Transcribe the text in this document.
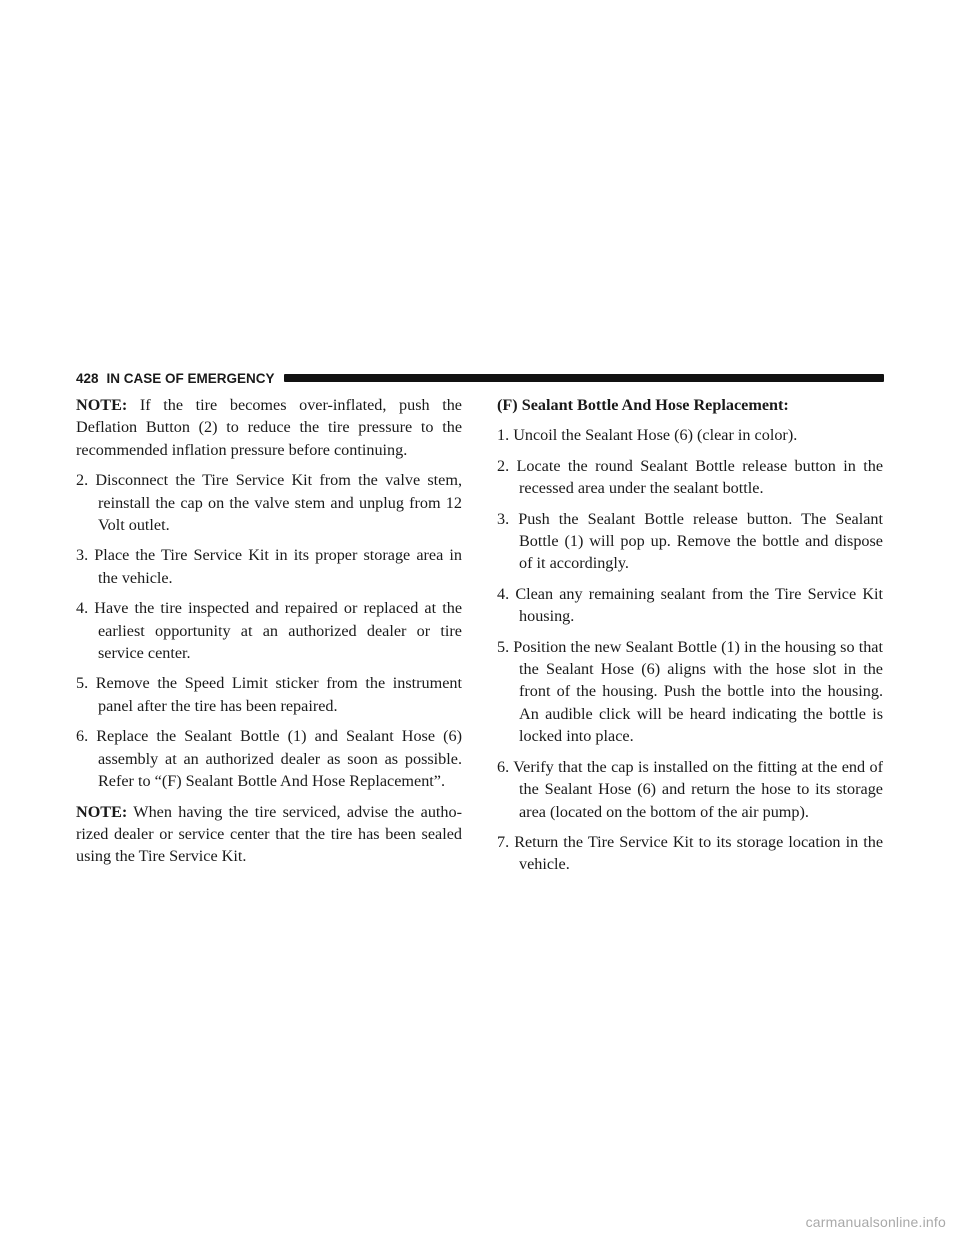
428 IN CASE OF EMERGENCY

NOTE: If the tire becomes over-inflated, push the Deflation Button (2) to reduce the tire pressure to the recommended inflation pressure before continuing.

2. Disconnect the Tire Service Kit from the valve stem, reinstall the cap on the valve stem and unplug from 12 Volt outlet.

3. Place the Tire Service Kit in its proper storage area in the vehicle.

4. Have the tire inspected and repaired or replaced at the earliest opportunity at an authorized dealer or tire service center.

5. Remove the Speed Limit sticker from the instrument panel after the tire has been repaired.

6. Replace the Sealant Bottle (1) and Sealant Hose (6) assembly at an authorized dealer as soon as possible. Refer to “(F) Sealant Bottle And Hose Replacement”.

NOTE: When having the tire serviced, advise the autho-rized dealer or service center that the tire has been sealed using the Tire Service Kit.

(F) Sealant Bottle And Hose Replacement:

1. Uncoil the Sealant Hose (6) (clear in color).

2. Locate the round Sealant Bottle release button in the recessed area under the sealant bottle.

3. Push the Sealant Bottle release button. The Sealant Bottle (1) will pop up. Remove the bottle and dispose of it accordingly.

4. Clean any remaining sealant from the Tire Service Kit housing.

5. Position the new Sealant Bottle (1) in the housing so that the Sealant Hose (6) aligns with the hose slot in the front of the housing. Push the bottle into the housing. An audible click will be heard indicating the bottle is locked into place.

6. Verify that the cap is installed on the fitting at the end of the Sealant Hose (6) and return the hose to its storage area (located on the bottom of the air pump).

7. Return the Tire Service Kit to its storage location in the vehicle.

carmanualsonline.info
